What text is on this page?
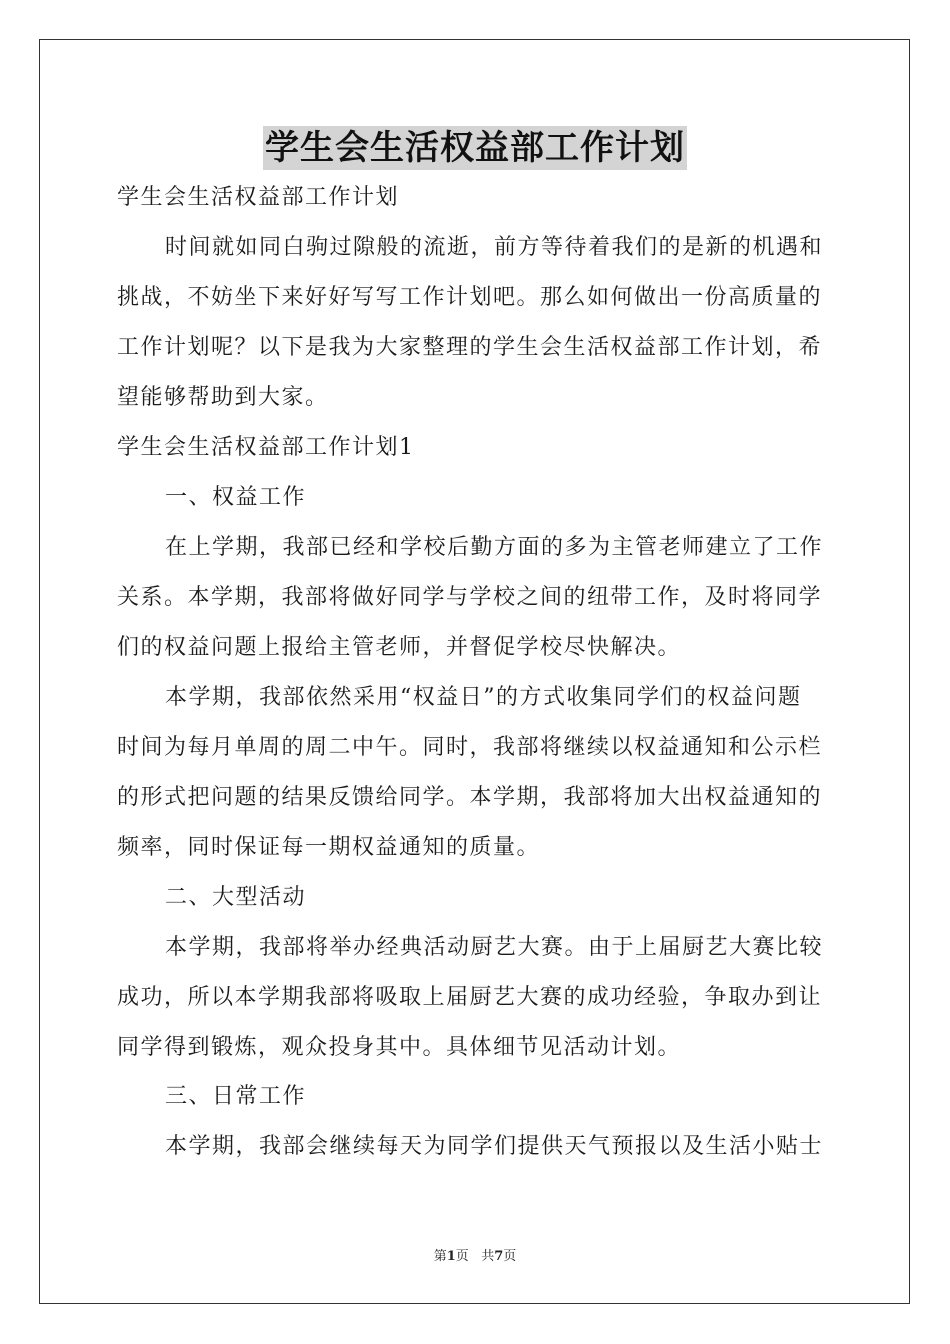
学生会生活权益部工作计划
学生会生活权益部工作计划
时间就如同白驹过隙般的流逝，前方等待着我们的是新的机遇和
挑战，不妨坐下来好好写写工作计划吧。那么如何做出一份高质量的
工作计划呢？以下是我为大家整理的学生会生活权益部工作计划，希
望能够帮助到大家。
学生会生活权益部工作计划1
一、权益工作
在上学期，我部已经和学校后勤方面的多为主管老师建立了工作
关系。本学期，我部将做好同学与学校之间的纽带工作，及时将同学
们的权益问题上报给主管老师，并督促学校尽快解决。
本学期，我部依然采用“权益日”的方式收集同学们的权益问题
时间为每月单周的周二中午。同时，我部将继续以权益通知和公示栏
的形式把问题的结果反馈给同学。本学期，我部将加大出权益通知的
频率，同时保证每一期权益通知的质量。
二、大型活动
本学期，我部将举办经典活动厨艺大赛。由于上届厨艺大赛比较
成功，所以本学期我部将吸取上届厨艺大赛的成功经验，争取办到让
同学得到锻炼，观众投身其中。具体细节见活动计划。
三、日常工作
本学期，我部会继续每天为同学们提供天气预报以及生活小贴士
第1页 共7页
